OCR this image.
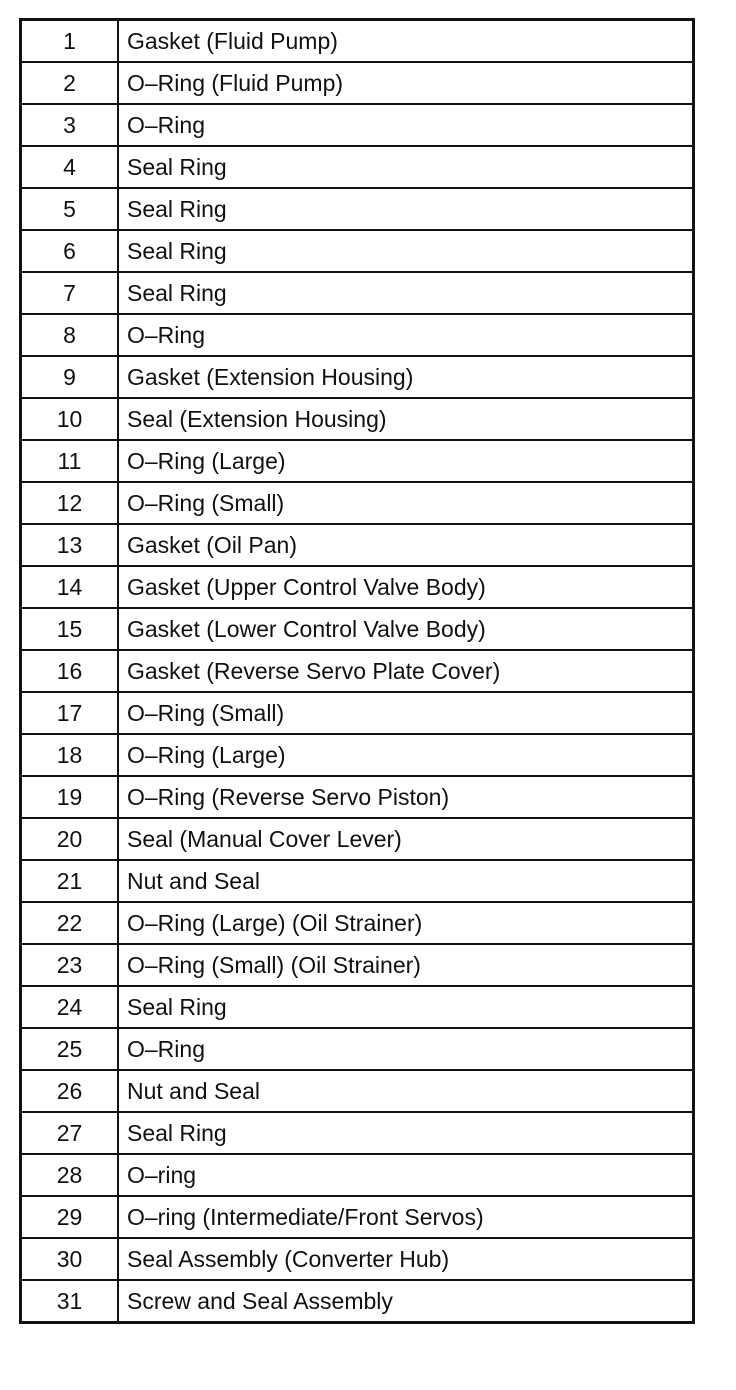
1	Gasket (Fluid Pump)
2	O–Ring (Fluid Pump)
3	O–Ring
4	Seal Ring
5	Seal Ring
6	Seal Ring
7	Seal Ring
8	O–Ring
9	Gasket (Extension Housing)
10	Seal (Extension Housing)
11	O–Ring (Large)
12	O–Ring (Small)
13	Gasket (Oil Pan)
14	Gasket (Upper Control Valve Body)
15	Gasket (Lower Control Valve Body)
16	Gasket (Reverse Servo Plate Cover)
17	O–Ring (Small)
18	O–Ring (Large)
19	O–Ring (Reverse Servo Piston)
20	Seal (Manual Cover Lever)
21	Nut and Seal
22	O–Ring (Large) (Oil Strainer)
23	O–Ring (Small) (Oil Strainer)
24	Seal Ring
25	O–Ring
26	Nut and Seal
27	Seal Ring
28	O–ring
29	O–ring (Intermediate/Front Servos)
30	Seal Assembly (Converter Hub)
31	Screw and Seal Assembly
